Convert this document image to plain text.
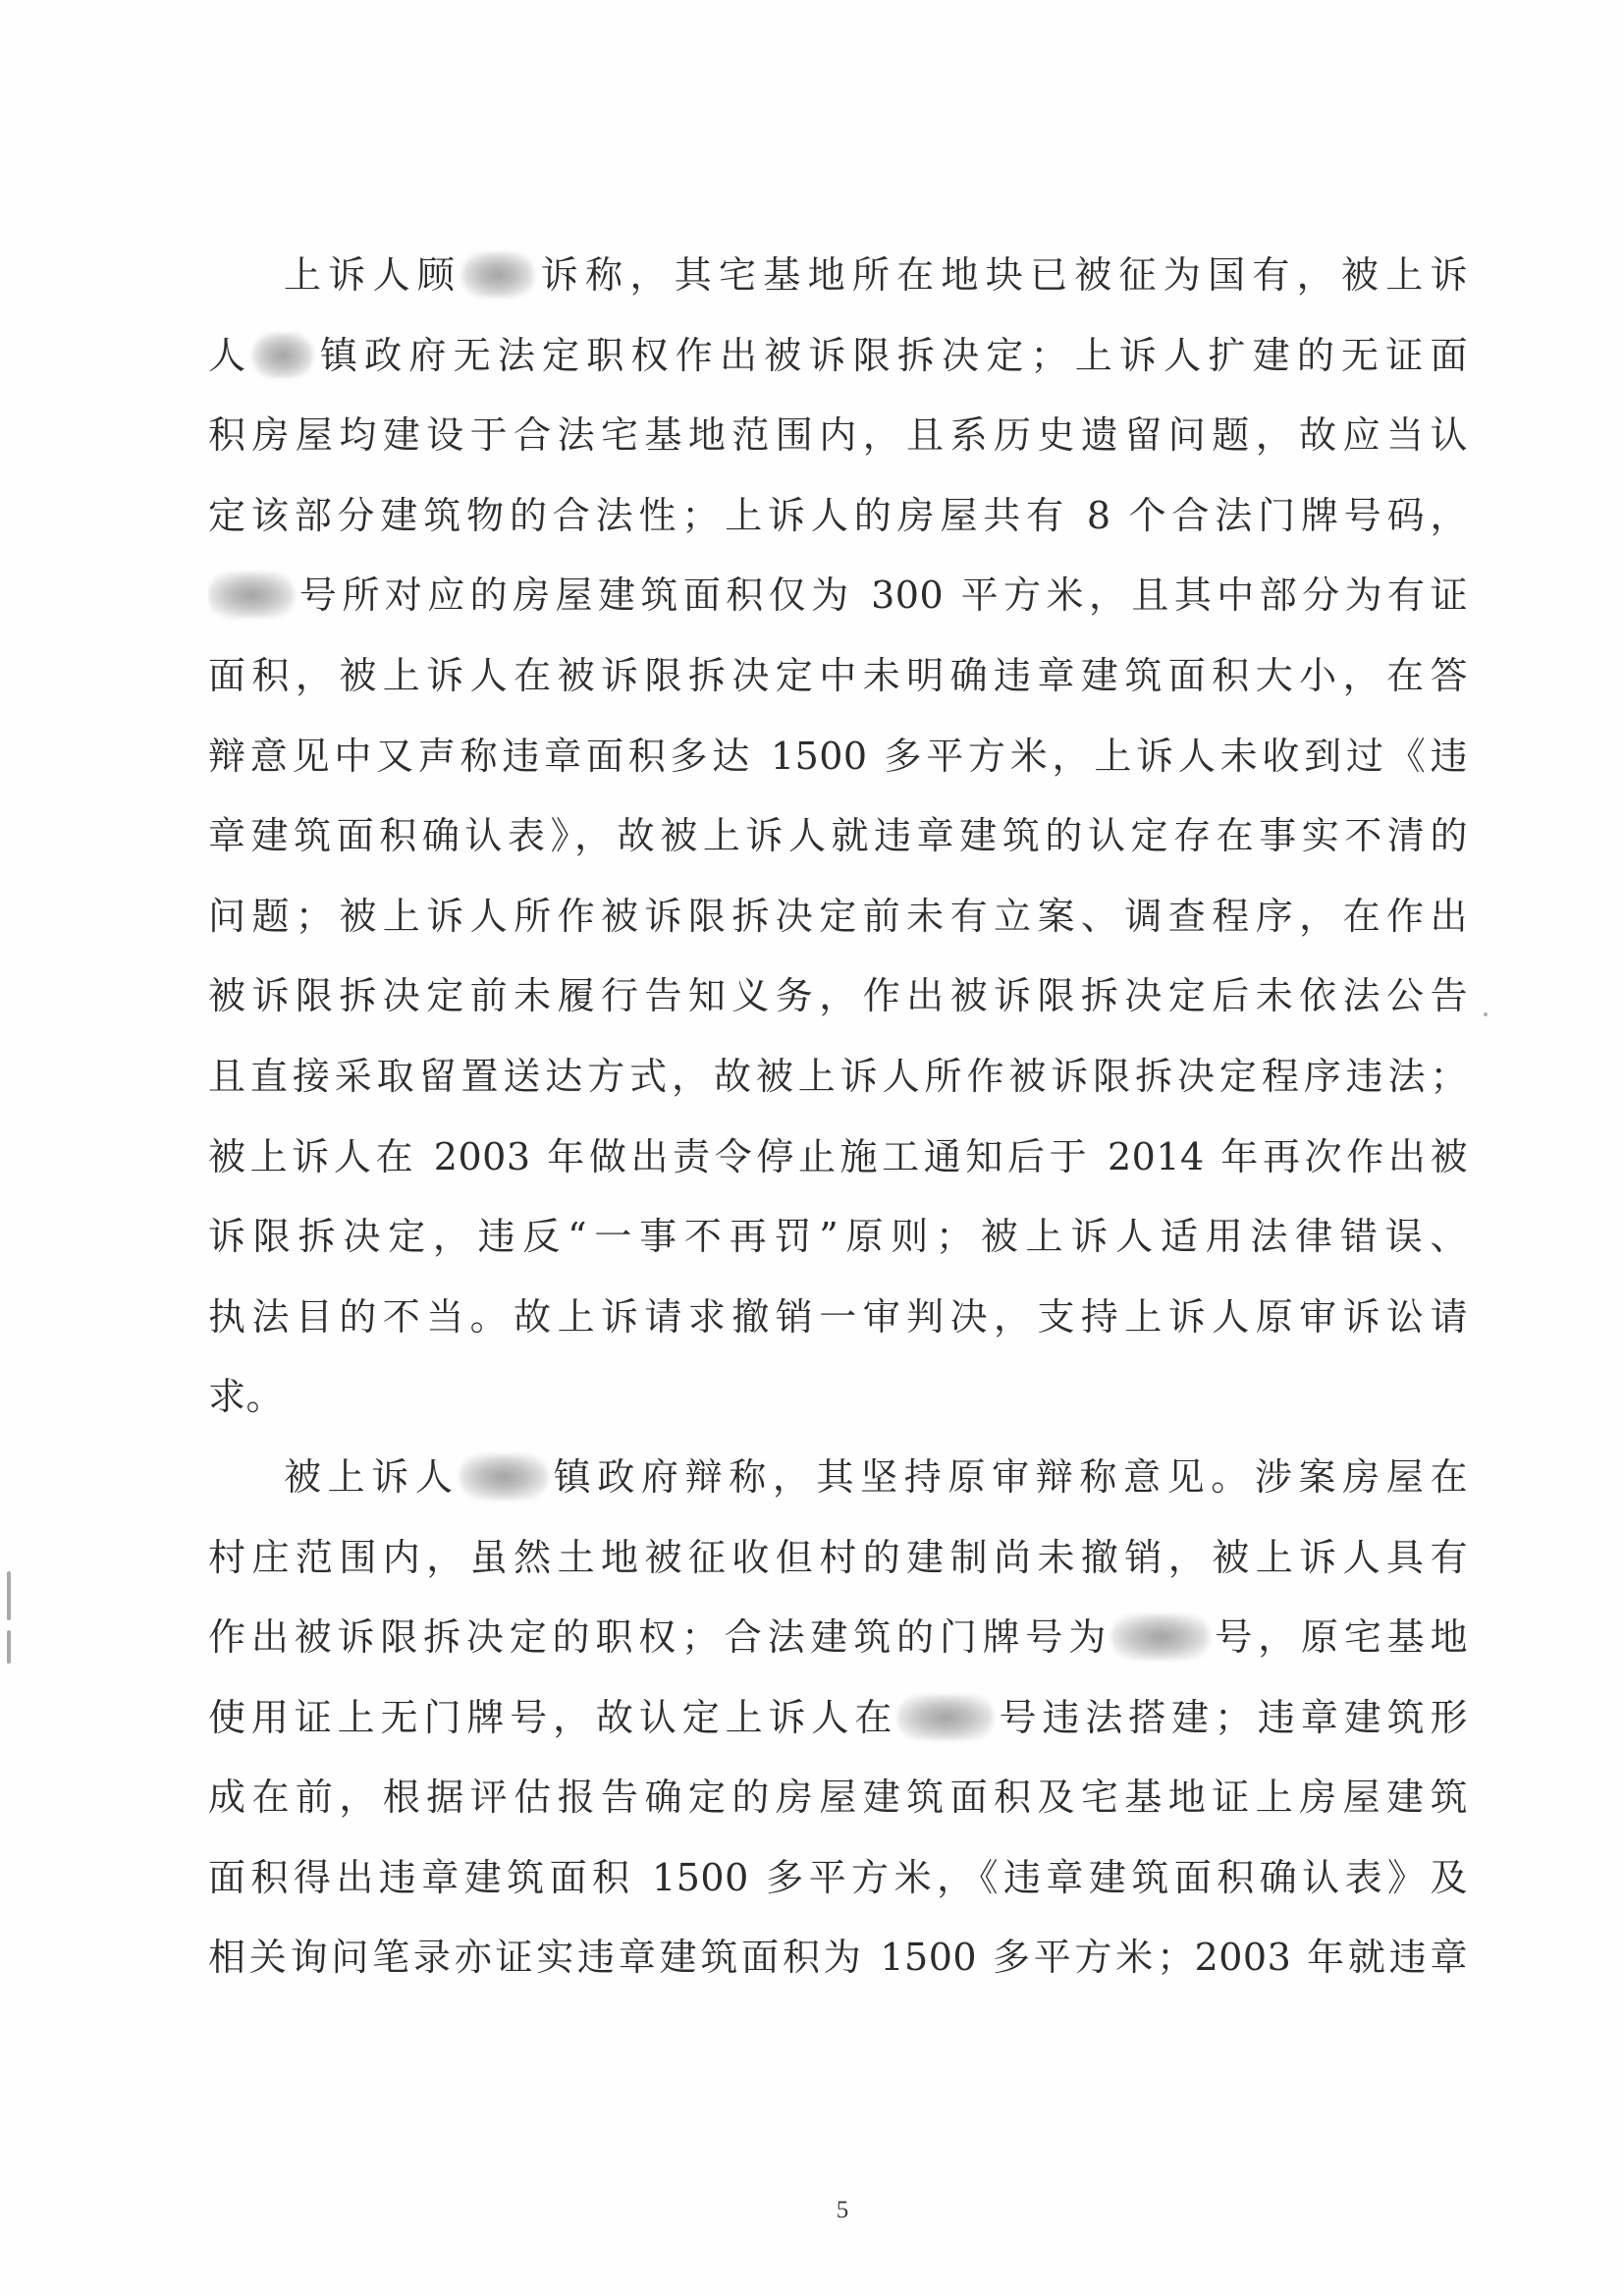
上诉人顾 诉称，其宅基地所在地块已被征为国有，被上诉
人 镇政府无法定职权作出被诉限拆决定；上诉人扩建的无证面
积房屋均建设于合法宅基地范围内，且系历史遗留问题，故应当认
定该部分建筑物的合法性；上诉人的房屋共有 8 个合法门牌号码，
号所对应的房屋建筑面积仅为 300 平方米，且其中部分为有证
面积，被上诉人在被诉限拆决定中未明确违章建筑面积大小，在答
辩意见中又声称违章面积多达 1500 多平方米，上诉人未收到过《违
章建筑面积确认表》，故被上诉人就违章建筑的认定存在事实不清的
问题；被上诉人所作被诉限拆决定前未有立案、调查程序，在作出
被诉限拆决定前未履行告知义务，作出被诉限拆决定后未依法公告
且直接采取留置送达方式，故被上诉人所作被诉限拆决定程序违法；
被上诉人在 2003 年做出责令停止施工通知后于 2014 年再次作出被
诉限拆决定，违反“一事不再罚”原则；被上诉人适用法律错误、
执法目的不当。故上诉请求撤销一审判决，支持上诉人原审诉讼请
求。
被上诉人 镇政府辩称，其坚持原审辩称意见。涉案房屋在
村庄范围内，虽然土地被征收但村的建制尚未撤销，被上诉人具有
作出被诉限拆决定的职权；合法建筑的门牌号为	号，原宅基地
使用证上无门牌号，故认定上诉人在	号违法搭建；违章建筑形
成在前，根据评估报告确定的房屋建筑面积及宅基地证上房屋建筑
面积得出违章建筑面积 1500 多平方米，《违章建筑面积确认表》及
相关询问笔录亦证实违章建筑面积为 1500 多平方米；2003 年就违章
5
